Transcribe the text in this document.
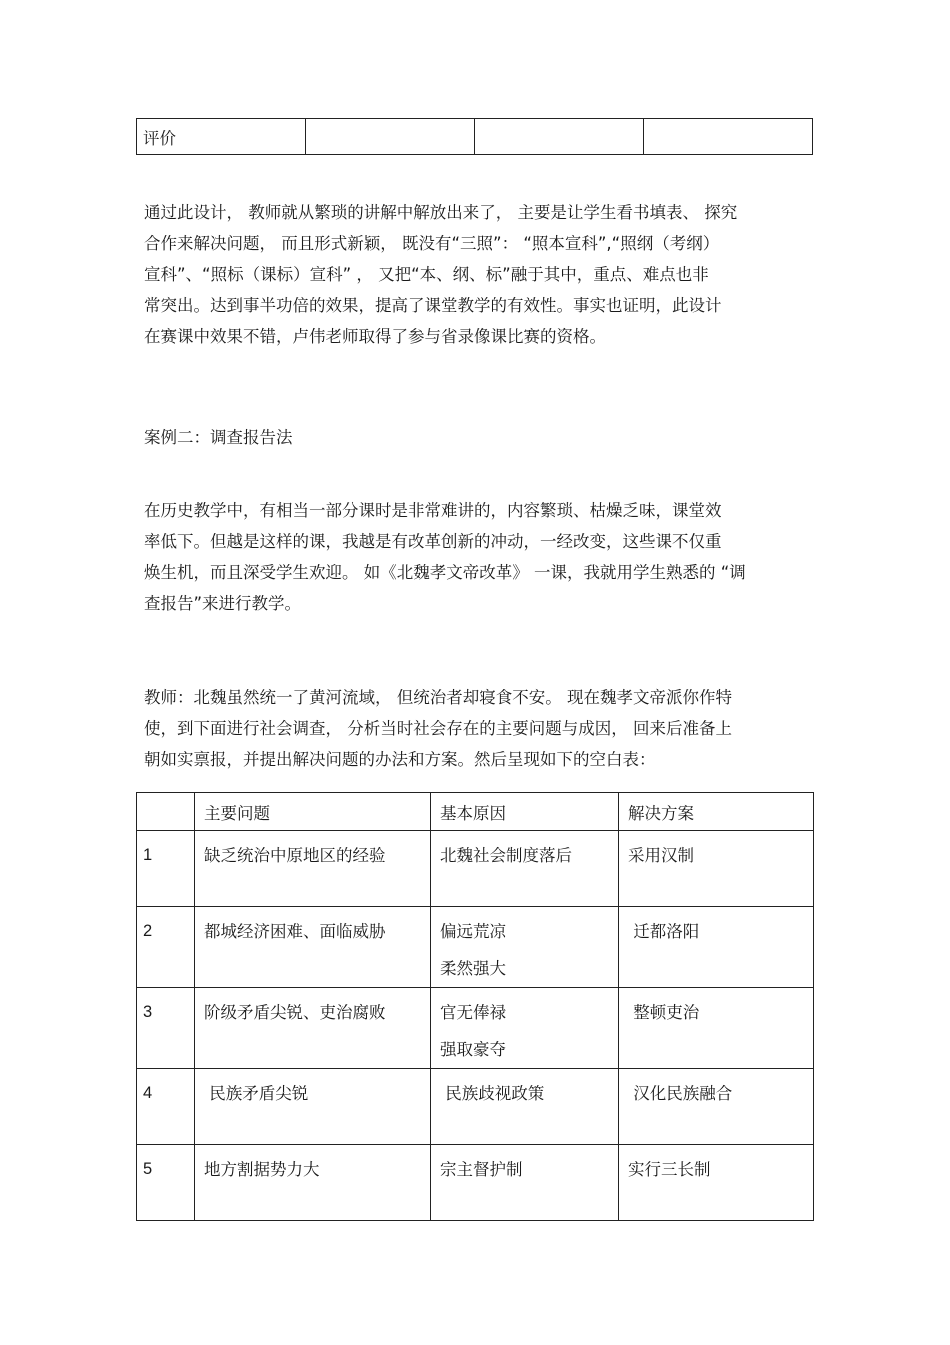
评价			

通过此设计， 教师就从繁琐的讲解中解放出来了， 主要是让学生看书填表、 探究
合作来解决问题， 而且形式新颖， 既没有“三照”： “照本宣科”,“照纲（考纲）
宣科”、“照标（课标）宣科” ， 又把“本、纲、标”融于其中，重点、难点也非
常突出。达到事半功倍的效果，提高了课堂教学的有效性。事实也证明，此设计
在赛课中效果不错，卢伟老师取得了参与省录像课比赛的资格。

案例二：调查报告法

在历史教学中，有相当一部分课时是非常难讲的，内容繁琐、枯燥乏味，课堂效
率低下。但越是这样的课，我越是有改革创新的冲动，一经改变，这些课不仅重
焕生机，而且深受学生欢迎。 如《北魏孝文帝改革》 一课，我就用学生熟悉的 “调
查报告”来进行教学。

教师：北魏虽然统一了黄河流域， 但统治者却寝食不安。 现在魏孝文帝派你作特
使，到下面进行社会调查， 分析当时社会存在的主要问题与成因， 回来后准备上
朝如实禀报，并提出解决问题的办法和方案。然后呈现如下的空白表：

	主要问题	基本原因	解决方案

1	缺乏统治中原地区的经验	北魏社会制度落后	采用汉制

2	都城经济困难、面临威胁	偏远荒凉
柔然强大	迁都洛阳

3	阶级矛盾尖锐、吏治腐败	官无俸禄
强取豪夺	整顿吏治

4	民族矛盾尖锐	民族歧视政策	汉化民族融合

5	地方割据势力大	宗主督护制	实行三长制
